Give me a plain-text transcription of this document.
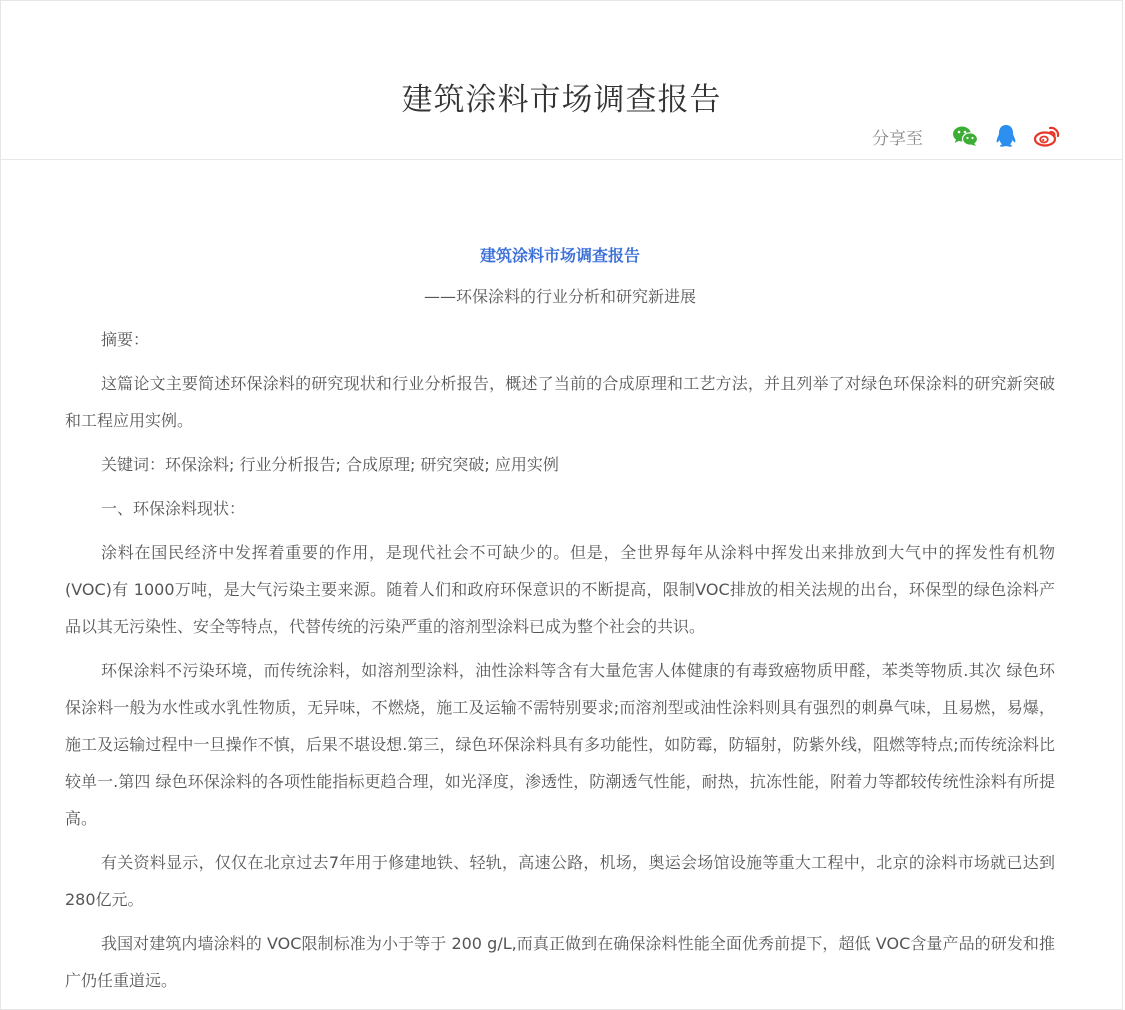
建筑涂料市场调查报告
分享至

建筑涂料市场调查报告

——环保涂料的行业分析和研究新进展

摘要：

这篇论文主要简述环保涂料的研究现状和行业分析报告，概述了当前的合成原理和工艺方法，并且列举了对绿色环保涂料的研究新突破和工程应用实例。

关键词：环保涂料; 行业分析报告; 合成原理; 研究突破; 应用实例

一、环保涂料现状：

涂料在国民经济中发挥着重要的作用，是现代社会不可缺少的。但是，全世界每年从涂料中挥发出来排放到大气中的挥发性有机物(VOC)有 1000万吨，是大气污染主要来源。随着人们和政府环保意识的不断提高，限制VOC排放的相关法规的出台，环保型的绿色涂料产品以其无污染性、安全等特点，代替传统的污染严重的溶剂型涂料已成为整个社会的共识。

环保涂料不污染环境，而传统涂料，如溶剂型涂料，油性涂料等含有大量危害人体健康的有毒致癌物质甲醛，苯类等物质.其次 绿色环保涂料一般为水性或水乳性物质，无异味，不燃烧，施工及运输不需特别要求;而溶剂型或油性涂料则具有强烈的刺鼻气味，且易燃，易爆，施工及运输过程中一旦操作不慎，后果不堪设想.第三，绿色环保涂料具有多功能性，如防霉，防辐射，防紫外线，阻燃等特点;而传统涂料比较单一.第四 绿色环保涂料的各项性能指标更趋合理，如光泽度，渗透性，防潮透气性能，耐热，抗冻性能，附着力等都较传统性涂料有所提高。

有关资料显示，仅仅在北京过去7年用于修建地铁、轻轨，高速公路，机场，奥运会场馆设施等重大工程中，北京的涂料市场就已达到280亿元。

我国对建筑内墙涂料的 VOC限制标准为小于等于 200 g/L,而真正做到在确保涂料性能全面优秀前提下，超低 VOC含量产品的研发和推广仍任重道远。
